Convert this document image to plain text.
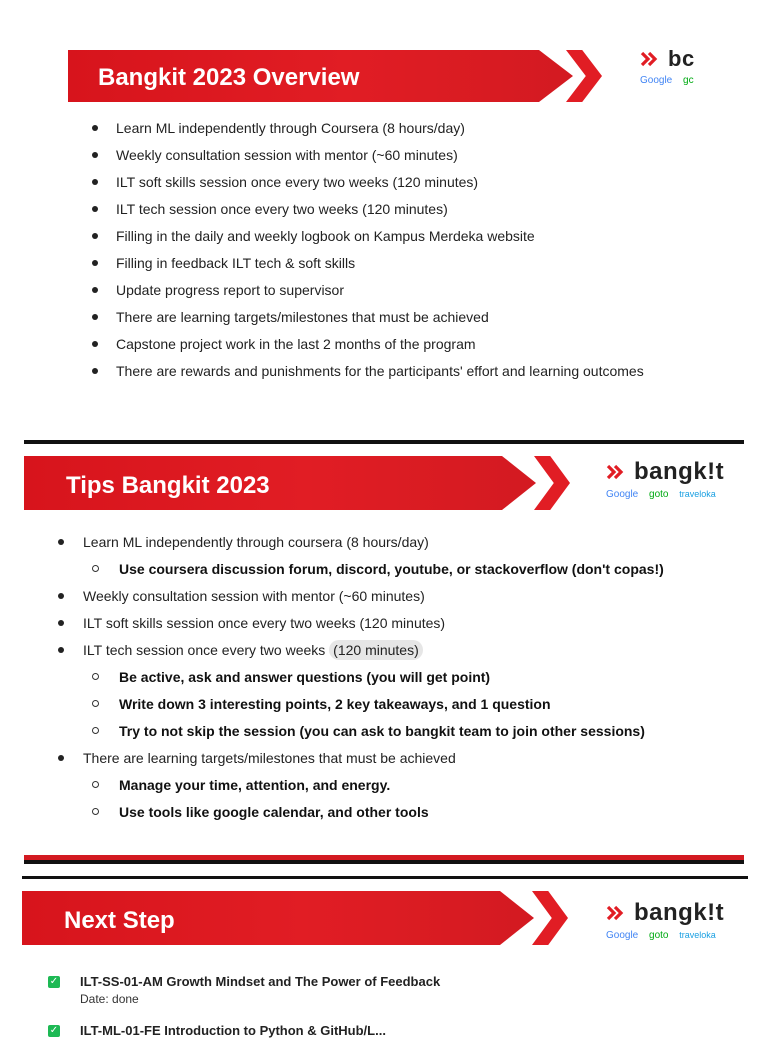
Bangkit 2023 Overview
bc
Google gc
Learn ML independently through Coursera (8 hours/day)
Weekly consultation session with mentor (~60 minutes)
ILT soft skills session once every two weeks (120 minutes)
ILT tech session once every two weeks (120 minutes)
Filling in the daily and weekly logbook on Kampus Merdeka website
Filling in feedback ILT tech & soft skills
Update progress report to supervisor
There are learning targets/milestones that must be achieved
Capstone project work in the last 2 months of the program
There are rewards and punishments for the participants' effort and learning outcomes
Tips Bangkit 2023
bangk!t
Google goto traveloka
Learn ML independently through coursera (8 hours/day)
Use coursera discussion forum, discord, youtube, or stackoverflow (don't copas!)
Weekly consultation session with mentor (~60 minutes)
ILT soft skills session once every two weeks (120 minutes)
ILT tech session once every two weeks (120 minutes)
Be active, ask and answer questions (you will get point)
Write down 3 interesting points, 2 key takeaways, and 1 question
Try to not skip the session (you can ask to bangkit team to join other sessions)
There are learning targets/milestones that must be achieved
Manage your time, attention, and energy.
Use tools like google calendar, and other tools
Next Step	bangk!t
Google goto traveloka
✓ ILT-SS-01-AM Growth Mindset and The Power of Feedback
Date: done
✓ ILT-ML-01-FE Introduction to Python & GitHub/L...
